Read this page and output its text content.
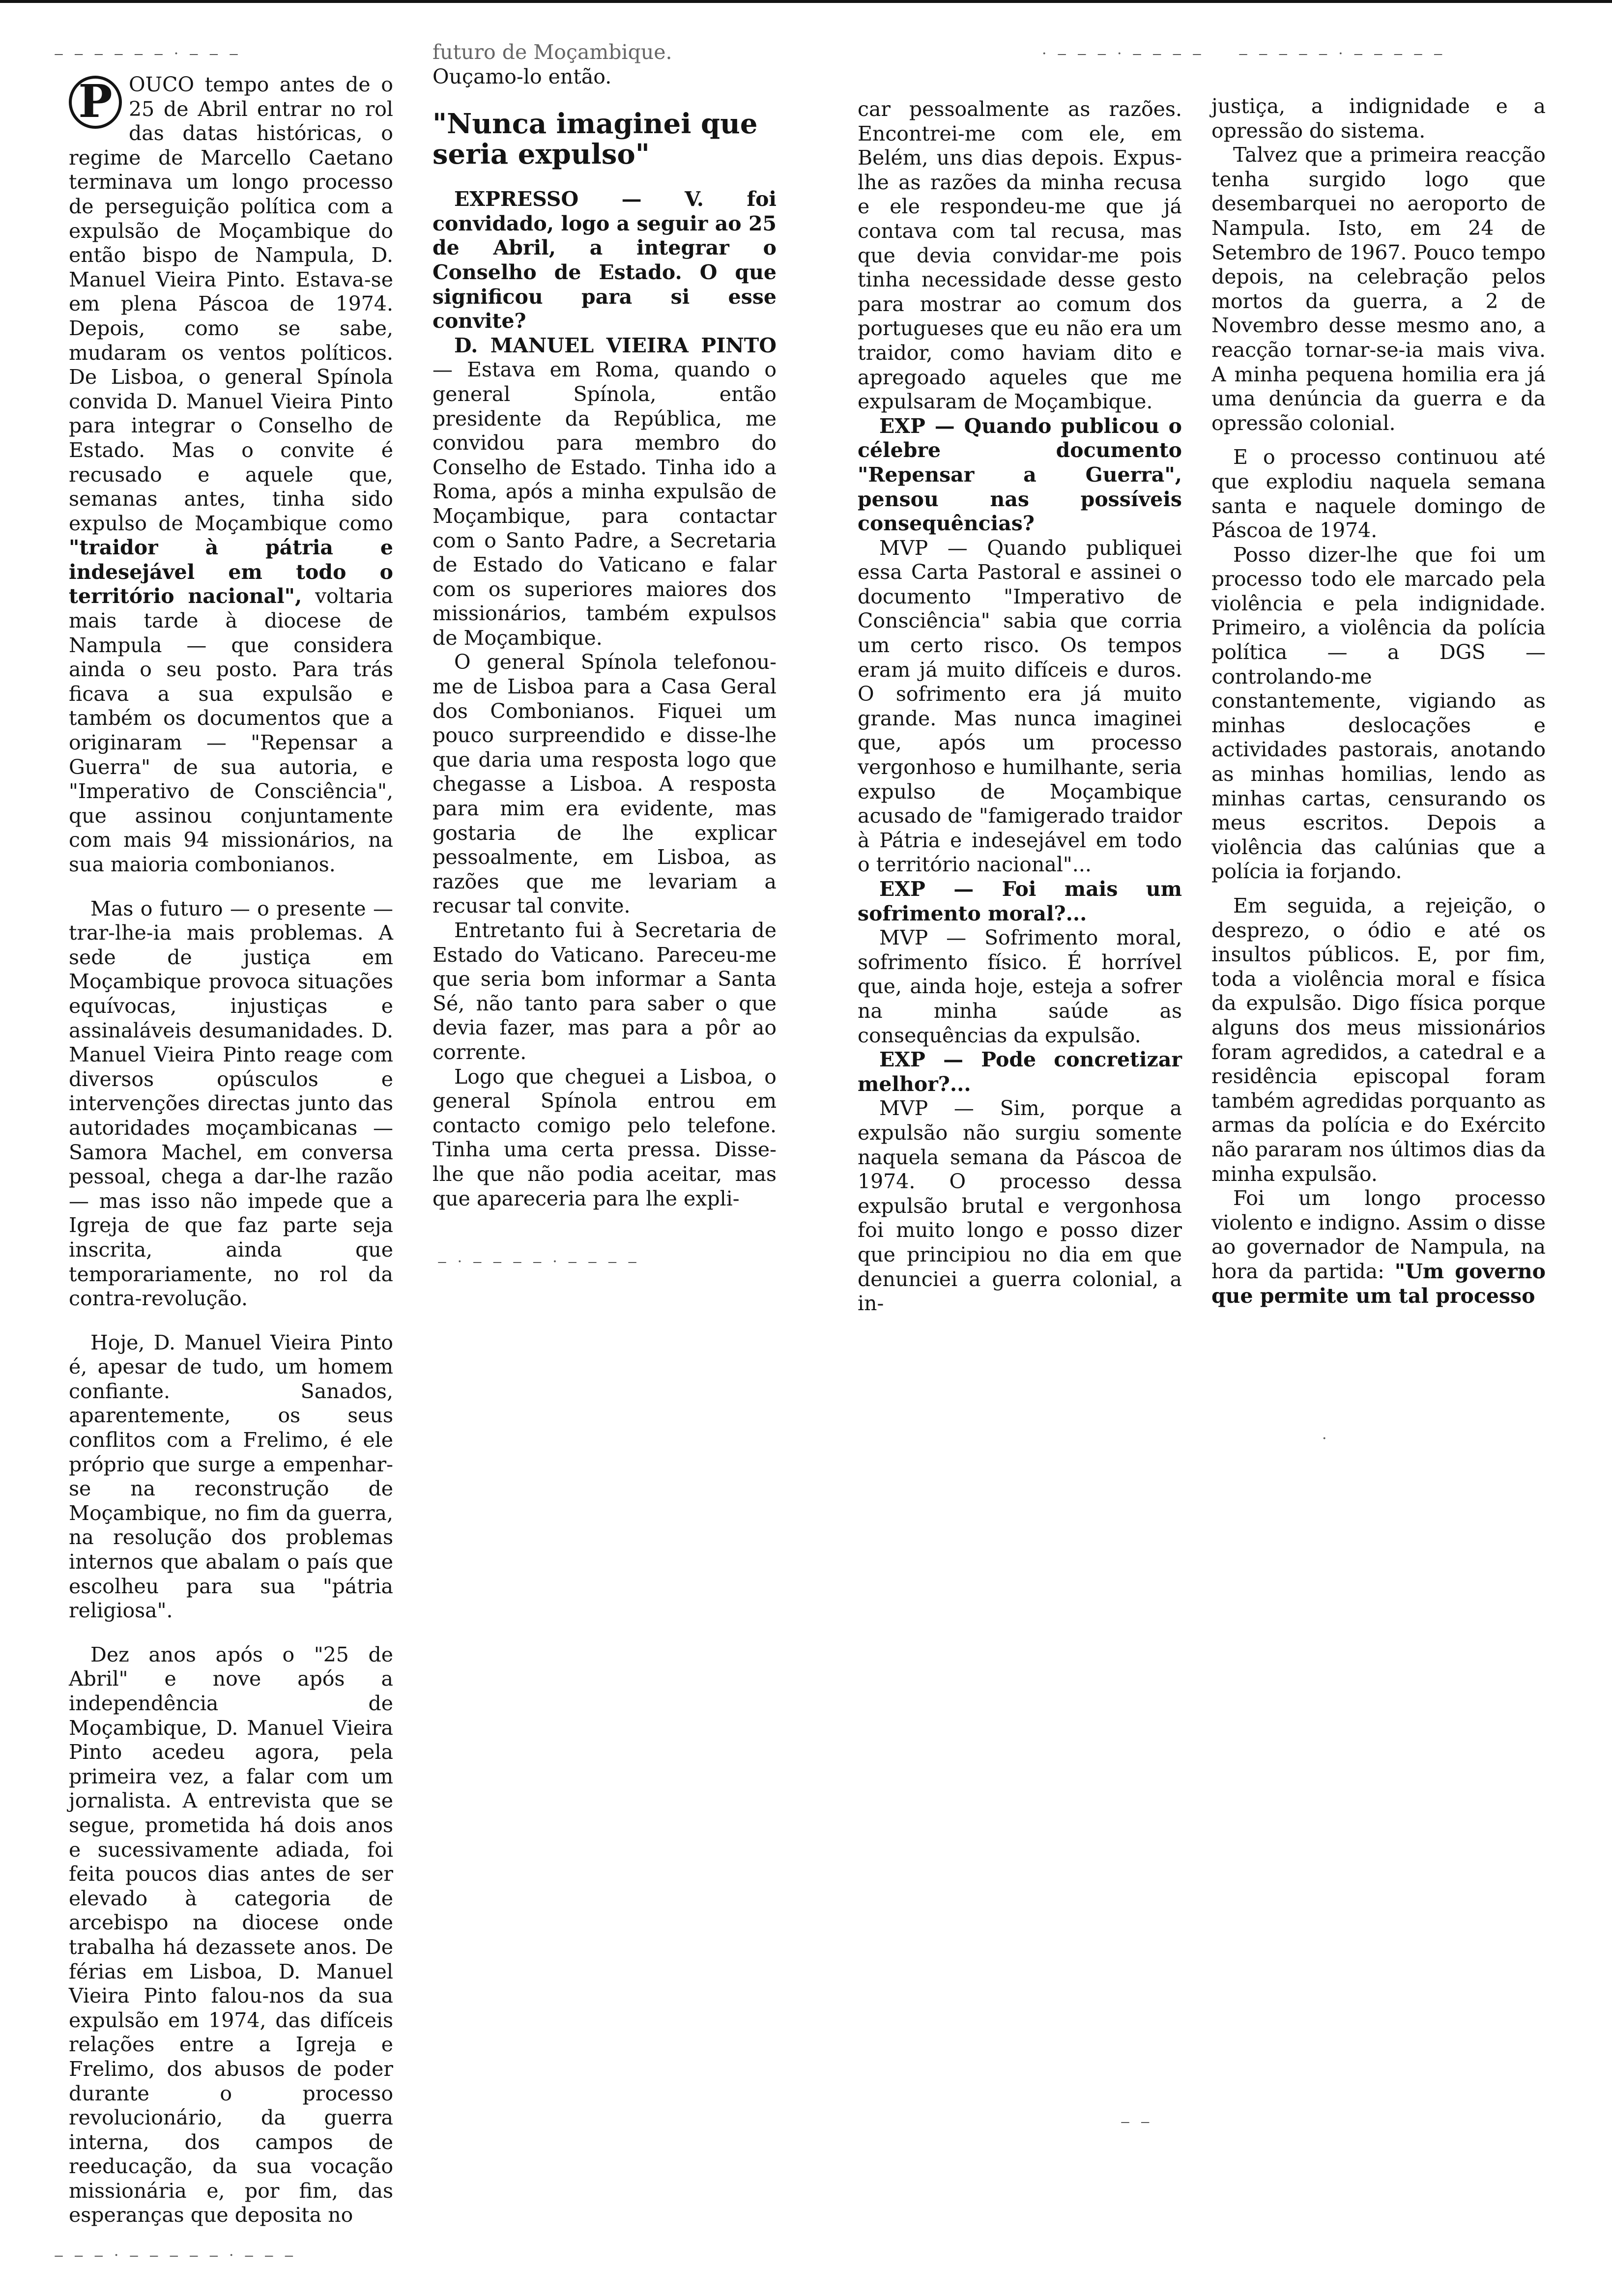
‒ ‒ ‒ ‒ ‒ ‒ · ‒ ‒ ‒	· ‒ ‒ ‒ · ‒ ‒ ‒ ‒ ‒ ‒ ‒ ‒ ‒ · ‒ ‒ ‒ ‒ ‒

P OUCO tempo antes de o 25 de Abril entrar no rol das datas históricas, o regime de Marcello Caetano terminava um longo processo de perseguição política com a expulsão de Moçambique do então bispo de Nampula, D. Manuel Vieira Pinto. Estava-se em plena Páscoa de 1974. Depois, como se sabe, mudaram os ventos políticos. De Lisboa, o general Spínola convida D. Manuel Vieira Pinto para integrar o Conselho de Estado. Mas o convite é recusado e aquele que, semanas antes, tinha sido expulso de Moçambique como "traidor à pátria e indesejável em todo o território nacional", voltaria mais tarde à diocese de Nampula — que considera ainda o seu posto. Para trás ficava a sua expulsão e também os documentos que a originaram — "Repensar a Guerra" de sua autoria, e "Imperativo de Consciência", que assinou conjuntamente com mais 94 missionários, na sua maioria combonianos.

Mas o futuro — o presente — trar-lhe-ia mais problemas. A sede de justiça em Moçambique provoca situações equívocas, injustiças e assinaláveis desumanidades. D. Manuel Vieira Pinto reage com diversos opúsculos e intervenções directas junto das autoridades moçambicanas — Samora Machel, em conversa pessoal, chega a dar-lhe razão — mas isso não impede que a Igreja de que faz parte seja inscrita, ainda que temporariamente, no rol da contra-revolução.

Hoje, D. Manuel Vieira Pinto é, apesar de tudo, um homem confiante. Sanados, aparentemente, os seus conflitos com a Frelimo, é ele próprio que surge a empenhar-se na reconstrução de Moçambique, no fim da guerra, na resolução dos problemas internos que abalam o país que escolheu para sua "pátria religiosa".

Dez anos após o "25 de Abril" e nove após a independência de Moçambique, D. Manuel Vieira Pinto acedeu agora, pela primeira vez, a falar com um jornalista. A entrevista que se segue, prometida há dois anos e sucessivamente adiada, foi feita poucos dias antes de ser elevado à categoria de arcebispo na diocese onde trabalha há dezassete anos. De férias em Lisboa, D. Manuel Vieira Pinto falou-nos da sua expulsão em 1974, das difíceis relações entre a Igreja e Frelimo, dos abusos de poder durante o processo revolucionário, da guerra interna, dos campos de reeducação, da sua vocação missionária e, por fim, das esperanças que deposita no

futuro de Moçambique.

Ouçamo-lo então.

"Nunca imaginei que seria expulso"

EXPRESSO — V. foi convidado, logo a seguir ao 25 de Abril, a integrar o Conselho de Estado. O que significou para si esse convite?

D. MANUEL VIEIRA PINTO— Estava em Roma, quando o general Spínola, então presidente da República, me convidou para membro do Conselho de Estado. Tinha ido a Roma, após a minha expulsão de Moçambique, para contactar com o Santo Padre, a Secretaria de Estado do Vaticano e falar com os superiores maiores dos missionários, também expulsos de Moçambique.

O general Spínola telefonou-me de Lisboa para a Casa Geral dos Combonianos. Fiquei um pouco surpreendido e disse-lhe que daria uma resposta logo que chegasse a Lisboa. A resposta para mim era evidente, mas gostaria de lhe explicar pessoalmente, em Lisboa, as razões que me levariam a recusar tal convite.

Entretanto fui à Secretaria de Estado do Vaticano. Pareceu-me que seria bom informar a Santa Sé, não tanto para saber o que devia fazer, mas para a pôr ao corrente.

Logo que cheguei a Lisboa, o general Spínola entrou em contacto comigo pelo telefone. Tinha uma certa pressa. Disse-lhe que não podia aceitar, mas que apareceria para lhe expli-

car pessoalmente as razões. Encontrei-me com ele, em Belém, uns dias depois. Expus-lhe as razões da minha recusa e ele respondeu-me que já contava com tal recusa, mas que devia convidar-me pois tinha necessidade desse gesto para mostrar ao comum dos portugueses que eu não era um traidor, como haviam dito e apregoado aqueles que me expulsaram de Moçambique.

EXP — Quando publicou o célebre documento "Repensar a Guerra", pensou nas possíveis consequências?

MVP — Quando publiquei essa Carta Pastoral e assinei o documento "Imperativo de Consciência" sabia que corria um certo risco. Os tempos eram já muito difíceis e duros. O sofrimento era já muito grande. Mas nunca imaginei que, após um processo vergonhoso e humilhante, seria expulso de Moçambique acusado de "famigerado traidor à Pátria e indesejável em todo o território nacional"...

EXP — Foi mais um sofrimento moral?...

MVP — Sofrimento moral, sofrimento físico. É horrível que, ainda hoje, esteja a sofrer na minha saúde as consequências da expulsão.

EXP — Pode concretizar melhor?...

MVP — Sim, porque a expulsão não surgiu somente naquela semana da Páscoa de 1974. O processo dessa expulsão brutal e vergonhosa foi muito longo e posso dizer que principiou no dia em que denunciei a guerra colonial, a in-

justiça, a indignidade e a opressão do sistema.

Talvez que a primeira reacção tenha surgido logo que desembarquei no aeroporto de Nampula. Isto, em 24 de Setembro de 1967. Pouco tempo depois, na celebração pelos mortos da guerra, a 2 de Novembro desse mesmo ano, a reacção tornar-se-ia mais viva. A minha pequena homilia era já uma denúncia da guerra e da opressão colonial.

E o processo continuou até que explodiu naquela semana santa e naquele domingo de Páscoa de 1974.

Posso dizer-lhe que foi um processo todo ele marcado pela violência e pela indignidade. Primeiro, a violência da polícia política — a DGS — controlando-me constantemente, vigiando as minhas deslocações e actividades pastorais, anotando as minhas homilias, lendo as minhas cartas, censurando os meus escritos. Depois a violência das calúnias que a polícia ia forjando.

Em seguida, a rejeição, o desprezo, o ódio e até os insultos públicos. E, por fim, toda a violência moral e física da expulsão. Digo física porque alguns dos meus missionários foram agredidos, a catedral e a residência episcopal foram também agredidas porquanto as armas da polícia e do Exército não pararam nos últimos dias da minha expulsão.

Foi um longo processo violento e indigno. Assim o disse ao governador de Nampula, na hora da partida: "Um governo que permite um tal processo

‒ ‒ ‒ · ‒ ‒ ‒ ‒ ‒ · ‒ ‒ ‒
‒ · ‒ ‒ ‒ ‒ · ‒ ‒ ‒ ‒
‒ ‒
·
